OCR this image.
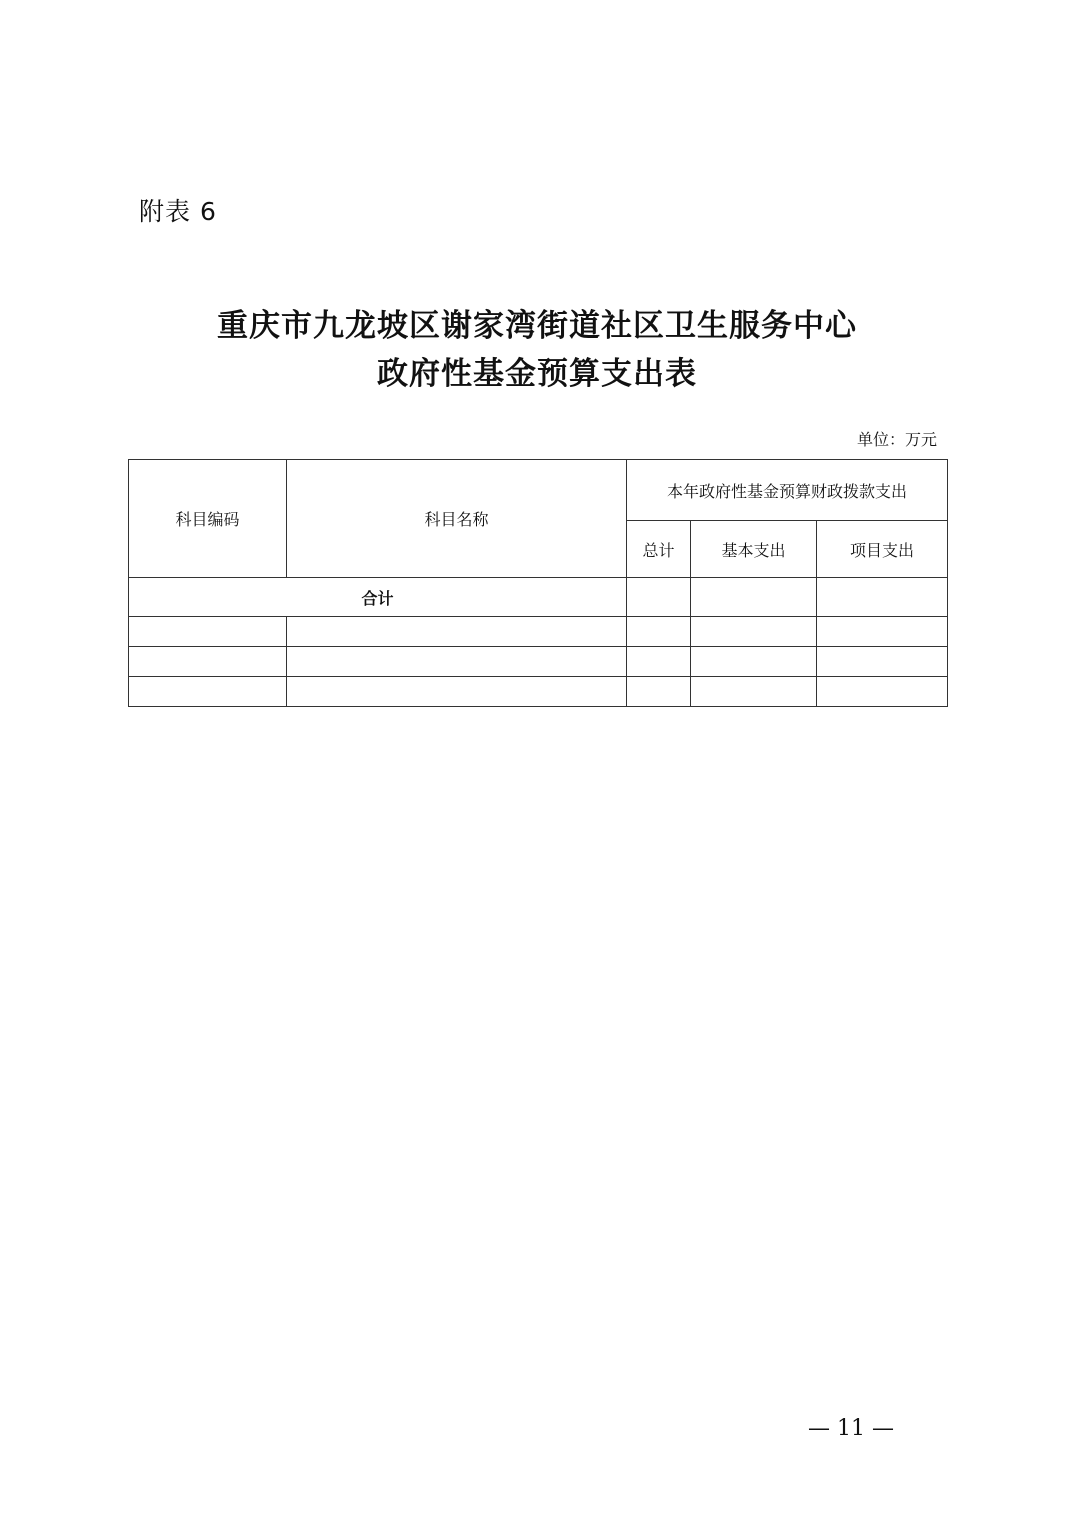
附表 6
重庆市九龙坡区谢家湾街道社区卫生服务中心
政府性基金预算支出表
单位：万元
科目编码	科目名称	本年政府性基金预算财政拨款支出		
		总计	基本支出	项目支出
合计				

— 11 —
